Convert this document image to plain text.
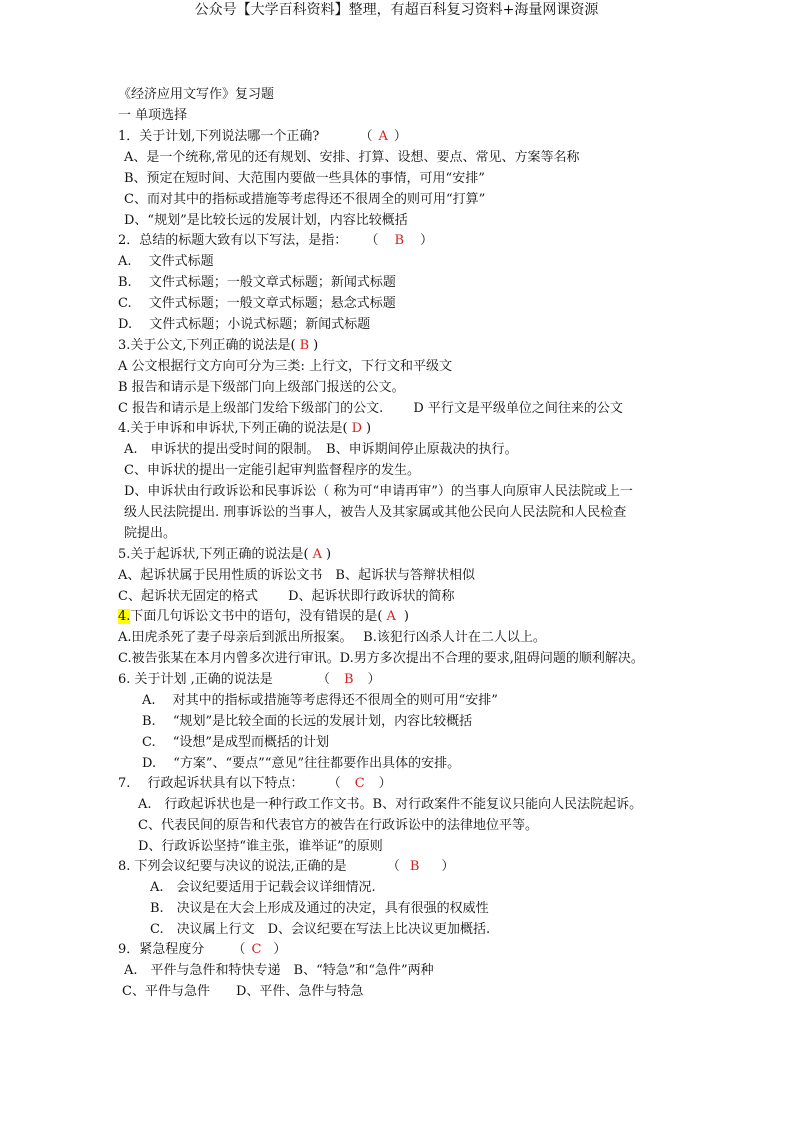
公众号【大学百科资料】整理，有超百科复习资料+海量网课资源
《经济应用文写作》复习题
一 单项选择
1．关于计划,下列说法哪一个正确?	（ A ）
A、是一个统称,常见的还有规划、安排、打算、设想、要点、常见、方案等名称
B、预定在短时间、大范围内要做一些具体的事情，可用“安排”
C、而对其中的指标或措施等考虑得还不很周全的则可用“打算”
D、“规划”是比较长远的发展计划，内容比较概括
2．总结的标题大致有以下写法，是指： （ B ）
A.　 文件式标题
B.　 文件式标题；一般文章式标题；新闻式标题
C.　 文件式标题；一般文章式标题；悬念式标题
D.　 文件式标题；小说式标题；新闻式标题
3.关于公文,下列正确的说法是( B )
A 公文根据行文方向可分为三类: 上行文，下行文和平级文
B 报告和请示是下级部门向上级部门报送的公文。
C 报告和请示是上级部门发给下级部门的公文.　　 D 平行文是平级单位之间往来的公文
4.关于申诉和申诉状,下列正确的说法是( D )
A.　申诉状的提出受时间的限制。　B、申诉期间停止原裁决的执行。
C、申诉状的提出一定能引起审判监督程序的发生。
D、申诉状由行政诉讼和民事诉讼（ 称为可“申请再审”）的当事人向原审人民法院或上一
级人民法院提出. 刑事诉讼的当事人，被告人及其家属或其他公民向人民法院和人民检查
院提出。
5.关于起诉状,下列正确的说法是( A )
A、起诉状属于民用性质的诉讼文书　B、起诉状与答辩状相似
C、起诉状无固定的格式　　 D、起诉状即行政诉状的简称
4.下面几句诉讼文书中的语句，没有错误的是( A )
A.田虎杀死了妻子母亲后到派出所报案。　 B.该犯行凶杀人计在二人以上。
C.被告张某在本月内曾多次进行审讯。D.男方多次提出不合理的要求,阻碍问题的顺利解决。
6. 关于计划 ,正确的说法是	（ B ）
A.　 对其中的指标或措施等考虑得还不很周全的则可用“安排”
B.　 “规划”是比较全面的长远的发展计划，内容比较概括
C.　 “设想”是成型而概括的计划
D.　 “方案”、“要点”“意见”往往都要作出具体的安排。
7.　 行政起诉状具有以下特点： （ C ）
A.　行政起诉状也是一种行政工作文书。B、对行政案件不能复议只能向人民法院起诉。
C、代表民间的原告和代表官方的被告在行政诉讼中的法律地位平等。
D、行政诉讼坚持“谁主张，谁举证”的原则
8. 下列会议纪要与决议的说法,正确的是	（ B ）
A.　会议纪要适用于记载会议详细情况.
B.　决议是在大会上形成及通过的决定，具有很强的权威性
C.　决议属上行文　D、会议纪要在写法上比决议更加概括.
9．紧急程度分 （ C ）
A.　平件与急件和特快专递　B、“特急”和“急件”两种
C、平件与急件　　D、平件、急件与特急
